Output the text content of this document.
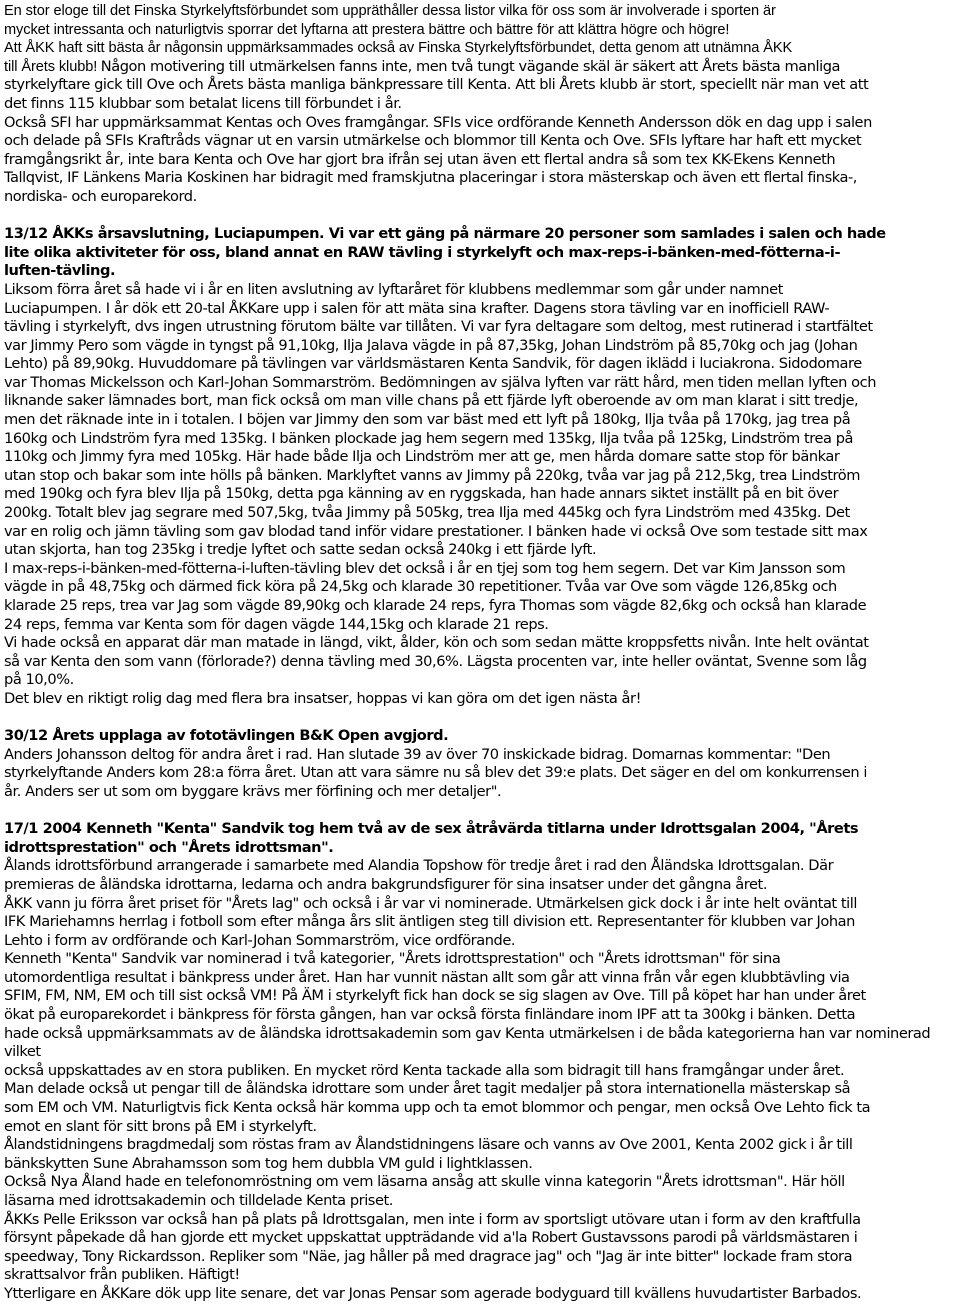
En stor eloge till det Finska Styrkelyftsförbundet som uppräthåller dessa listor vilka för oss som är involverade i sporten är
mycket intressanta och naturligtvis sporrar det lyftarna att prestera bättre och bättre för att klättra högre och högre!
Att ÅKK haft sitt bästa år någonsin uppmärksammades också av Finska Styrkelyftsförbundet, detta genom att utnämna ÅKK
till Årets klubb! Någon motivering till utmärkelsen fanns inte, men två tungt vägande skäl är säkert att Årets bästa manliga
styrkelyftare gick till Ove och Årets bästa manliga bänkpressare till Kenta. Att bli Årets klubb är stort, speciellt när man vet att
det finns 115 klubbar som betalat licens till förbundet i år.
Också SFI har uppmärksammat Kentas och Oves framgångar. SFIs vice ordförande Kenneth Andersson dök en dag upp i salen
och delade på SFIs Kraftråds vägnar ut en varsin utmärkelse och blommor till Kenta och Ove. SFIs lyftare har haft ett mycket
framgångsrikt år, inte bara Kenta och Ove har gjort bra ifrån sej utan även ett flertal andra så som tex KK-Ekens Kenneth
Tallqvist, IF Länkens Maria Koskinen har bidragit med framskjutna placeringar i stora mästerskap och även ett flertal finska-,
nordiska- och europarekord.

13/12 ÅKKs årsavslutning, Luciapumpen. Vi var ett gäng på närmare 20 personer som samlades i salen och hade
lite olika aktiviteter för oss, bland annat en RAW tävling i styrkelyft och max-reps-i-bänken-med-fötterna-i-
luften-tävling.

Liksom förra året så hade vi i år en liten avslutning av lyftaråret för klubbens medlemmar som går under namnet
Luciapumpen. I år dök ett 20-tal ÅKKare upp i salen för att mäta sina krafter. Dagens stora tävling var en inofficiell RAW-
tävling i styrkelyft, dvs ingen utrustning förutom bälte var tillåten. Vi var fyra deltagare som deltog, mest rutinerad i startfältet
var Jimmy Pero som vägde in tyngst på 91,10kg, Ilja Jalava vägde in på 87,35kg, Johan Lindström på 85,70kg och jag (Johan
Lehto) på 89,90kg. Huvuddomare på tävlingen var världsmästaren Kenta Sandvik, för dagen iklädd i luciakrona. Sidodomare
var Thomas Mickelsson och Karl-Johan Sommarström. Bedömningen av själva lyften var rätt hård, men tiden mellan lyften och
liknande saker lämnades bort, man fick också om man ville chans på ett fjärde lyft oberoende av om man klarat i sitt tredje,
men det räknade inte in i totalen. I böjen var Jimmy den som var bäst med ett lyft på 180kg, Ilja tvåa på 170kg, jag trea på
160kg och Lindström fyra med 135kg. I bänken plockade jag hem segern med 135kg, Ilja tvåa på 125kg, Lindström trea på
110kg och Jimmy fyra med 105kg. Här hade både Ilja och Lindström mer att ge, men hårda domare satte stop för bänkar
utan stop och bakar som inte hölls på bänken. Marklyftet vanns av Jimmy på 220kg, tvåa var jag på 212,5kg, trea Lindström
med 190kg och fyra blev Ilja på 150kg, detta pga känning av en ryggskada, han hade annars siktet inställt på en bit över
200kg. Totalt blev jag segrare med 507,5kg, tvåa Jimmy på 505kg, trea Ilja med 445kg och fyra Lindström med 435kg. Det
var en rolig och jämn tävling som gav blodad tand inför vidare prestationer. I bänken hade vi också Ove som testade sitt max
utan skjorta, han tog 235kg i tredje lyftet och satte sedan också 240kg i ett fjärde lyft.
I max-reps-i-bänken-med-fötterna-i-luften-tävling blev det också i år en tjej som tog hem segern. Det var Kim Jansson som
vägde in på 48,75kg och därmed fick köra på 24,5kg och klarade 30 repetitioner. Tvåa var Ove som vägde 126,85kg och
klarade 25 reps, trea var Jag som vägde 89,90kg och klarade 24 reps, fyra Thomas som vägde 82,6kg och också han klarade
24 reps, femma var Kenta som för dagen vägde 144,15kg och klarade 21 reps.
Vi hade också en apparat där man matade in längd, vikt, ålder, kön och som sedan mätte kroppsfetts nivån. Inte helt oväntat
så var Kenta den som vann (förlorade?) denna tävling med 30,6%. Lägsta procenten var, inte heller oväntat, Svenne som låg
på 10,0%.
Det blev en riktigt rolig dag med flera bra insatser, hoppas vi kan göra om det igen nästa år!

30/12 Årets upplaga av fototävlingen B&K Open avgjord.

Anders Johansson deltog för andra året i rad. Han slutade 39 av över 70 inskickade bidrag. Domarnas kommentar: "Den
styrkelyftande Anders kom 28:a förra året. Utan att vara sämre nu så blev det 39:e plats. Det säger en del om konkurrensen i
år. Anders ser ut som om byggare krävs mer förfining och mer detaljer".

17/1 2004 Kenneth "Kenta" Sandvik tog hem två av de sex åtråvärda titlarna under Idrottsgalan 2004, "Årets
idrottsprestation" och "Årets idrottsman".

Ålands idrottsförbund arrangerade i samarbete med Alandia Topshow för tredje året i rad den Åländska Idrottsgalan. Där
premieras de åländska idrottarna, ledarna och andra bakgrundsfigurer för sina insatser under det gångna året.
ÅKK vann ju förra året priset för "Årets lag" och också i år var vi nominerade. Utmärkelsen gick dock i år inte helt oväntat till
IFK Mariehamns herrlag i fotboll som efter många års slit äntligen steg till division ett. Representanter för klubben var Johan
Lehto i form av ordförande och Karl-Johan Sommarström, vice ordförande.
Kenneth "Kenta" Sandvik var nominerad i två kategorier, "Årets idrottsprestation" och "Årets idrottsman" för sina
utomordentliga resultat i bänkpress under året. Han har vunnit nästan allt som går att vinna från vår egen klubbtävling via
SFIM, FM, NM, EM och till sist också VM! På ÄM i styrkelyft fick han dock se sig slagen av Ove. Till på köpet har han under året
ökat på europarekordet i bänkpress för första gången, han var också första finländare inom IPF att ta 300kg i bänken. Detta
hade också uppmärksammats av de åländska idrottsakademin som gav Kenta utmärkelsen i de båda kategorierna han var nominerad vilket
också uppskattades av en stora publiken. En mycket rörd Kenta tackade alla som bidragit till hans framgångar under året.
Man delade också ut pengar till de åländska idrottare som under året tagit medaljer på stora internationella mästerskap så
som EM och VM. Naturligtvis fick Kenta också här komma upp och ta emot blommor och pengar, men också Ove Lehto fick ta
emot en slant för sitt brons på EM i styrkelyft.
Ålandstidningens bragdmedalj som röstas fram av Ålandstidningens läsare och vanns av Ove 2001, Kenta 2002 gick i år till
bänkskytten Sune Abrahamsson som tog hem dubbla VM guld i lightklassen.
Också Nya Åland hade en telefonomröstning om vem läsarna ansåg att skulle vinna kategorin "Årets idrottsman". Här höll
läsarna med idrottsakademin och tilldelade Kenta priset.
ÅKKs Pelle Eriksson var också han på plats på Idrottsgalan, men inte i form av sportsligt utövare utan i form av den kraftfulla
försynt påpekade då han gjorde ett mycket uppskattat uppträdande vid a'la Robert Gustavssons parodi på världsmästaren i
speedway, Tony Rickardsson. Repliker som "Näe, jag håller på med dragrace jag" och "Jag är inte bitter" lockade fram stora
skrattsalvor från publiken. Häftigt!
Ytterligare en ÅKKare dök upp lite senare, det var Jonas Pensar som agerade bodyguard till kvällens huvudartister Barbados.
